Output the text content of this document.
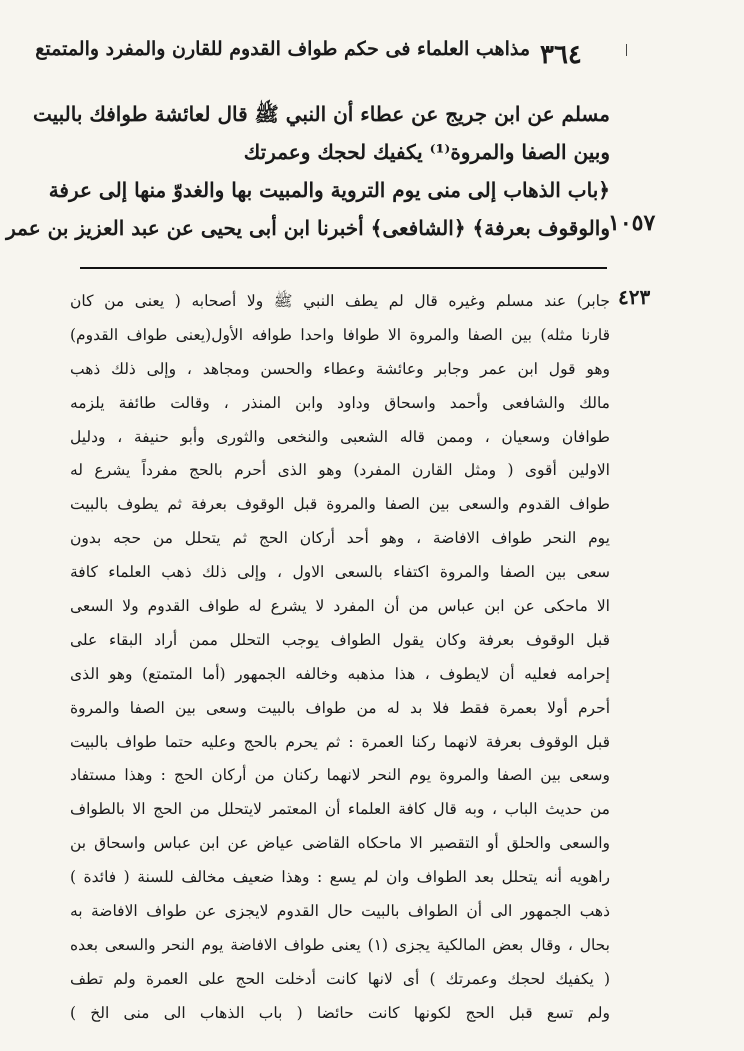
مذاهب العلماء فى حكم طواف القدوم للقارن والمفرد والمتمتع ٣٦٤
مسلم عن ابن جريج عن عطاء أن النبي ﷺ قال لعائشة طوافك بالبيت
وبين الصفا والمروة⁽¹⁾ يكفيك لحجك وعمرتك
﴿باب الذهاب إلى منى يوم التروية والمبيت بها والغدوّ منها إلى عرفة
والوقوف بعرفة﴾ ﴿الشافعى﴾ أخبرنا ابن أبى يحيى عن عبد العزيز بن عمر
١٠٥٧
٤٢٣
جابر) عند مسلم وغيره قال لم يطف النبي ﷺ ولا أصحابه ( يعنى من كان
قارنا مثله) بين الصفا والمروة الا طوافا واحدا طوافه الأول(يعنى طواف القدوم)
وهو قول ابن عمر وجابر وعائشة وعطاء والحسن ومجاهد ، وإلى ذلك ذهب
مالك والشافعى وأحمد واسحاق وداود وابن المنذر ، وقالت طائفة يلزمه
طوافان وسعيان ، وممن قاله الشعبى والنخعى والثورى وأبو حنيفة ، ودليل
الاولين أقوى ( ومثل القارن المفرد) وهو الذى أحرم بالحج مفرداً يشرع له
طواف القدوم والسعى بين الصفا والمروة قبل الوقوف بعرفة ثم يطوف بالبيت
يوم النحر طواف الافاضة ، وهو أحد أركان الحج ثم يتحلل من حجه بدون
سعى بين الصفا والمروة اكتفاء بالسعى الاول ، وإلى ذلك ذهب العلماء كافة
الا ماحكى عن ابن عباس من أن المفرد لا يشرع له طواف القدوم ولا السعى
قبل الوقوف بعرفة وكان يقول الطواف يوجب التحلل ممن أراد البقاء على
إحرامه فعليه أن لايطوف ، هذا مذهبه وخالفه الجمهور (أما المتمتع) وهو الذى
أحرم أولا بعمرة فقط فلا بد له من طواف بالبيت وسعى بين الصفا والمروة
قبل الوقوف بعرفة لانهما ركنا العمرة : ثم يحرم بالحج وعليه حتما طواف بالبيت
وسعى بين الصفا والمروة يوم النحر لانهما ركنان من أركان الحج : وهذا مستفاد
من حديث الباب ، وبه قال كافة العلماء أن المعتمر لايتحلل من الحج الا بالطواف
والسعى والحلق أو التقصير الا ماحكاه القاضى عياض عن ابن عباس واسحاق بن
راهويه أنه يتحلل بعد الطواف وان لم يسع : وهذا ضعيف مخالف للسنة ( فائدة )
ذهب الجمهور الى أن الطواف بالبيت حال القدوم لايجزى عن طواف الافاضة به
بحال ، وقال بعض المالكية يجزى (١) يعنى طواف الافاضة يوم النحر والسعى بعده
( يكفيك لحجك وعمرتك ) أى لانها كانت أدخلت الحج على العمرة ولم تطف
ولم تسع قبل الحج لكونها كانت حائضا ( باب الذهاب الى منى الخ )
